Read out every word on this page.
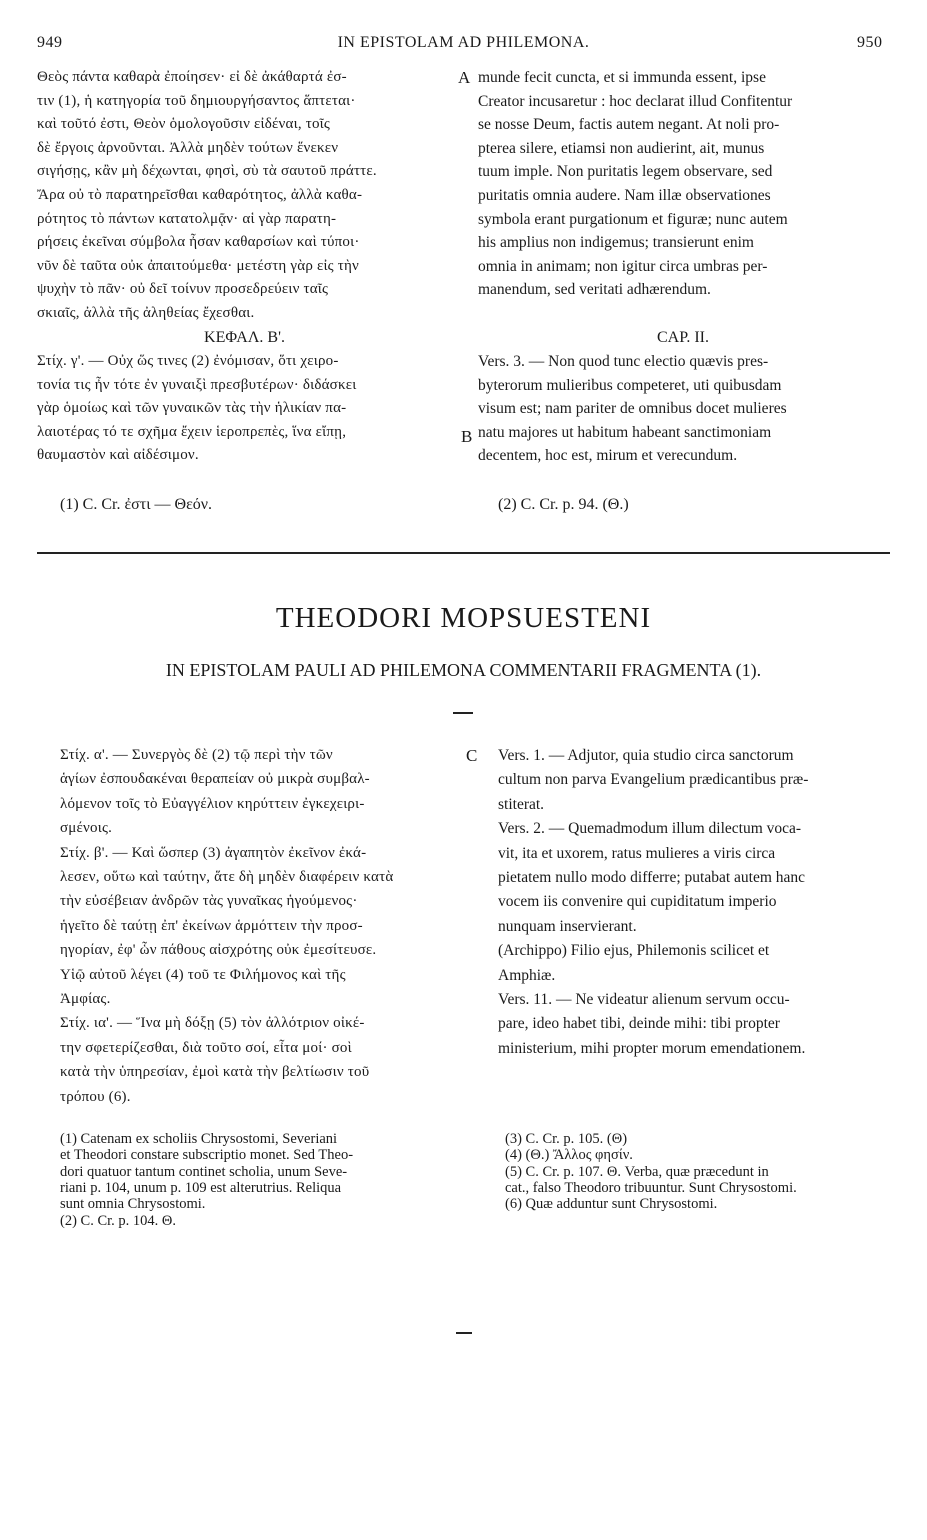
949	IN EPISTOLAM AD PHILEMONA.	950
Θεὸς πάντα καθαρὰ ἐποίησεν· εἰ δὲ ἀκάθαρτά ἐσ-
τιν (1), ἡ κατηγορία τοῦ δημιουργήσαντος ἅπτεται·
καὶ τοῦτό ἐστι, Θεὸν ὁμολογοῦσιν εἰδέναι, τοῖς
δὲ ἔργοις ἀρνοῦνται. Ἀλλὰ μηδὲν τούτων ἕνεκεν
σιγήσῃς, κἂν μὴ δέχωνται, φησὶ, σὺ τὰ σαυτοῦ πράττε.
Ἄρα οὐ τὸ παρατηρεῖσθαι καθαρότητος, ἀλλὰ καθα-
ρότητος τὸ πάντων κατατολμᾷν· αἱ γὰρ παρατη-
ρήσεις ἐκεῖναι σύμβολα ἦσαν καθαρσίων καὶ τύποι·
νῦν δὲ ταῦτα οὐκ ἀπαιτούμεθα· μετέστη γὰρ εἰς τὴν
ψυχὴν τὸ πᾶν· οὐ δεῖ τοίνυν προσεδρεύειν ταῖς
σκιαῖς, ἀλλὰ τῆς ἀληθείας ἔχεσθαι.
ΚΕΦΑΛ. Β'.
Στίχ. γ'. — Οὐχ ὥς τινες (2) ἐνόμισαν, ὅτι χειρο-
τονία τις ἦν τότε ἐν γυναιξὶ πρεσβυτέρων· διδάσκει
γὰρ ὁμοίως καὶ τῶν γυναικῶν τὰς τὴν ἡλικίαν πα-
λαιοτέρας τό τε σχῆμα ἔχειν ἱεροπρεπὲς, ἵνα εἴπῃ,
θαυμαστὸν καὶ αἰδέσιμον.
(1) C. Cr. ἐστι — Θεόν.
A
B
C
munde fecit cuncta, et si immunda essent, ipse
Creator incusaretur : hoc declarat illud Confitentur
se nosse Deum, factis autem negant. At noli pro-
pterea silere, etiamsi non audierint, ait, munus
tuum imple. Non puritatis legem observare, sed
puritatis omnia audere. Nam illæ observationes
symbola erant purgationum et figuræ; nunc autem
his amplius non indigemus; transierunt enim
omnia in animam; non igitur circa umbras per-
manendum, sed veritati adhærendum.
CAP. II.
Vers. 3. — Non quod tunc electio quævis pres-
byterorum mulieribus competeret, uti quibusdam
visum est; nam pariter de omnibus docet mulieres
natu majores ut habitum habeant sanctimoniam
decentem, hoc est, mirum et verecundum.
(2) C. Cr. p. 94. (Θ.)
THEODORI MOPSUESTENI
IN EPISTOLAM PAULI AD PHILEMONA COMMENTARII FRAGMENTA (1).
Στίχ. α'. — Συνεργὸς δὲ (2) τῷ περὶ τὴν τῶν
ἁγίων ἐσπουδακέναι θεραπείαν οὐ μικρὰ συμβαλ-
λόμενον τοῖς τὸ Εὐαγγέλιον κηρύττειν ἐγκεχειρι-
σμένοις.
Στίχ. β'. — Καὶ ὥσπερ (3) ἀγαπητὸν ἐκεῖνον ἐκά-
λεσεν, οὕτω καὶ ταύτην, ἅτε δὴ μηδὲν διαφέρειν κατὰ
τὴν εὐσέβειαν ἀνδρῶν τὰς γυναῖκας ἡγούμενος·
ἡγεῖτο δὲ ταύτῃ ἐπ' ἐκείνων ἁρμόττειν τὴν προσ-
ηγορίαν, ἐφ' ὧν πάθους αἰσχρότης οὐκ ἐμεσίτευσε.
Υἱῷ αὐτοῦ λέγει (4) τοῦ τε Φιλήμονος καὶ τῆς
Ἀμφίας.
Στίχ. ια'. — Ἵνα μὴ δόξῃ (5) τὸν ἀλλότριον οἰκέ-
την σφετερίζεσθαι, διὰ τοῦτο σοί, εἶτα μοί· σοὶ
κατὰ τὴν ὑπηρεσίαν, ἐμοὶ κατὰ τὴν βελτίωσιν τοῦ
τρόπου (6).
Vers. 1. — Adjutor, quia studio circa sanctorum
cultum non parva Evangelium prædicantibus præ-
stiterat.
Vers. 2. — Quemadmodum illum dilectum voca-
vit, ita et uxorem, ratus mulieres a viris circa
pietatem nullo modo differre; putabat autem hanc
vocem iis convenire qui cupiditatum imperio
nunquam inservierant.
(Archippo) Filio ejus, Philemonis scilicet et
Amphiæ.
Vers. 11. — Ne videatur alienum servum occu-
pare, ideo habet tibi, deinde mihi: tibi propter
ministerium, mihi propter morum emendationem.
(1) Catenam ex scholiis Chrysostomi, Severiani
et Theodori constare subscriptio monet. Sed Theo-
dori quatuor tantum continet scholia, unum Seve-
riani p. 104, unum p. 109 est alterutrius. Reliqua
sunt omnia Chrysostomi.
(2) C. Cr. p. 104. Θ.
(3) C. Cr. p. 105. (Θ)
(4) (Θ.) Ἄλλος φησίν.
(5) C. Cr. p. 107. Θ. Verba, quæ præcedunt in
cat., falso Theodoro tribuuntur. Sunt Chrysostomi.
(6) Quæ adduntur sunt Chrysostomi.
